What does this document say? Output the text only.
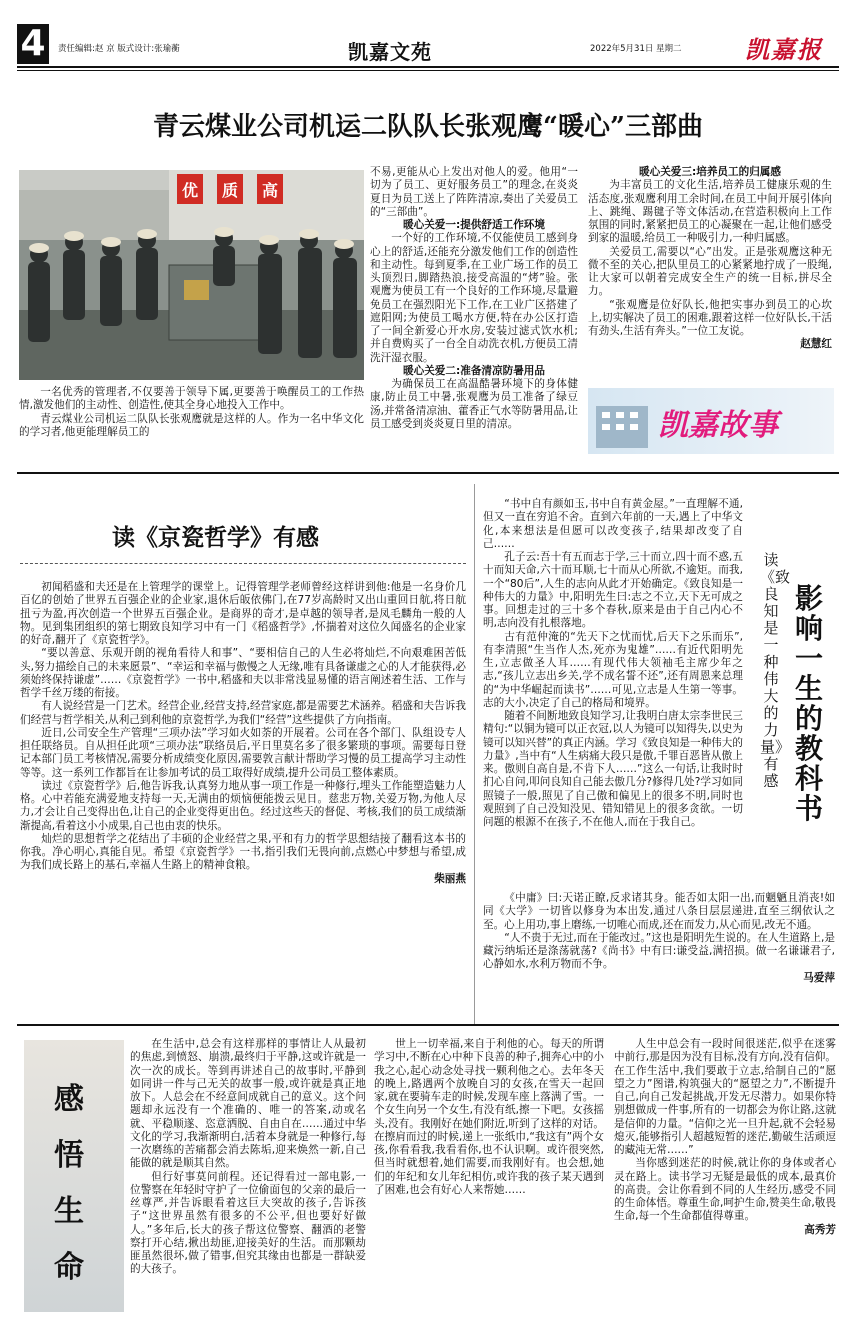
4	责任编辑:赵 京 版式设计:张瑜蘅	凯嘉文苑	2022年5月31日 星期二	凯嘉报
青云煤业公司机运二队队长张观鹰“暖心”三部曲
优 质 高

一名优秀的管理者,不仅要善于领导下属,更要善于唤醒员工的工作热情,激发他们的主动性、创造性,使其全身心地投入工作中。

青云煤业公司机运二队队长张观鹰就是这样的人。作为一名中华文化的学习者,他更能理解员工的

不易,更能从心上发出对他人的爱。他用“一切为了员工、更好服务员工”的理念,在炎炎夏日为员工送上了阵阵清凉,奏出了关爱员工的“三部曲”。

暖心关爱一:提供舒适工作环境

一个好的工作环境,不仅能使员工感到身心上的舒适,还能充分激发他们工作的创造性和主动性。每到夏季,在工业广场工作的员工头顶烈日,脚踏热浪,接受高温的“烤”验。张观鹰为使员工有一个良好的工作环境,尽量避免员工在强烈阳光下工作,在工业广区搭建了遮阳网;为使员工喝水方便,特在办公区打造了一间全新爱心开水房,安装过滤式饮水机;并自费购买了一台全自动洗衣机,方便员工清洗汗湿衣服。

暖心关爱二:准备清凉防暑用品

为确保员工在高温酷暑环境下的身体健康,防止员工中暑,张观鹰为员工准备了绿豆汤,并常备清凉油、藿香正气水等防暑用品,让员工感受到炎炎夏日里的清凉。

暖心关爱三:培养员工的归属感

为丰富员工的文化生活,培养员工健康乐观的生活态度,张观鹰利用工余时间,在员工中间开展引体向上、跳绳、踢毽子等文体活动,在营造积极向上工作氛围的同时,紧紧把员工的心凝聚在一起,让他们感受到家的温暖,给员工一种吸引力,一种归属感。

关爱员工,需要以“心”出发。正是张观鹰这种无微不至的关心,把队里员工的心紧紧地拧成了一股绳,让大家可以朝着完成安全生产的统一目标,拼尽全力。

“张观鹰是位好队长,他把实事办到员工的心坎上,切实解决了员工的困难,跟着这样一位好队长,干活有劲头,生活有奔头。”一位工友说。

赵慧红

凯嘉故事
读《京瓷哲学》有感

初闻稻盛和夫还是在上管理学的课堂上。记得管理学老师曾经这样讲到他:他是一名身价几百亿的创始了世界五百强企业的企业家,退休后皈依佛门,在77岁高龄时又出山重回日航,将日航扭亏为盈,再次创造一个世界五百强企业。是商界的奇才,是卓越的领导者,是凤毛麟角一般的人物。见到集团组织的第七期致良知学习中有一门《稻盛哲学》,怀揣着对这位久闻盛名的企业家的好奇,翻开了《京瓷哲学》。

“要以善意、乐观开朗的视角看待人和事”、“要相信自己的人生必将灿烂,不向艰难困苦低头,努力描绘自己的未来愿景”、“幸运和幸福与傲慢之人无缘,唯有具备谦虚之心的人才能获得,必须始终保持谦虚”……《京瓷哲学》一书中,稻盛和夫以非常浅显易懂的语言阐述着生活、工作与哲学千丝万缕的衔接。

有人说经营是一门艺术。经营企业,经营支持,经营家庭,都是需要艺术涵养。稻盛和夫告诉我们经营与哲学相关,从利己到利他的京瓷哲学,为我们“经营”这些提供了方向指南。

近日,公司安全生产管理“三项办法”学习如火如荼的开展着。公司在各个部门、队组设专人担任联络员。自从担任此项“三项办法”联络员后,平日里莫名多了很多繁琐的事项。需要每日登记本部门员工考核情况,需要分析成绩变化原因,需要敦言献计帮助学习慢的员工提高学习主动性等等。这一系列工作都旨在让参加考试的员工取得好成绩,提升公司员工整体素质。

读过《京瓷哲学》后,他告诉我,认真努力地从事一项工作是一种修行,埋头工作能塑造魅力人格。心中若能充满爱地支持每一天,无满由的烦恼便能拨云见日。慈悲万物,关爱万物,为他人尽力,才会让自己变得出色,让自己的企业变得更出色。经过这些天的督促、考核,我们的员工成绩渐渐提高,看着这小小成果,自己也由衷的快乐。

灿烂的思想哲学之花结出了丰硕的企业经营之果,平和有力的哲学思想结接了翻看这本书的你我。净心明心,真能自见。希望《京瓷哲学》一书,指引我们无畏向前,点燃心中梦想与希望,成为我们成长路上的基石,幸福人生路上的精神食粮。

柴丽燕

“书中自有颜如玉,书中自有黄金屋。”一直理解不通,但又一直在穷追不舍。直到六年前的一天,遇上了中华文化,本来想法是但愿可以改变孩子,结果却改变了自己……

孔子云:吾十有五而志于学,三十而立,四十而不惑,五十而知天命,六十而耳顺,七十而从心所欲,不逾矩。而我,一个“80后”,人生的志向从此才开始确定。《致良知是一种伟大的力量》中,阳明先生曰:志之不立,天下无可成之事。回想走过的三十多个春秋,原来是由于自己内心不明,志向没有扎根落地。

古有范仲淹的“先天下之忧而忧,后天下之乐而乐”,有李清照“生当作人杰,死亦为鬼雄”……有近代阳明先生,立志做圣人耳……有现代伟大领袖毛主席少年之志,“孩儿立志出乡关,学不成名誓不还”,还有周恩来总理的“为中华崛起而读书”……可见,立志是人生第一等事。志的大小,决定了自己的格局和境界。

随着不间断地致良知学习,让我明白唐太宗李世民三精句:“以铜为镜可以正衣冠,以人为镜可以知得失,以史为镜可以知兴替”的真正内涵。学习《致良知是一种伟大的力量》,当中有“人生病痛大段只是傲,千罪百恶皆从傲上来。傲则自高自是,不肯下人……”这么一句话,让我时时扪心自问,叩问良知自己能去傲几分?修得几处?学习如同照镜子一般,照见了自己傲和偏见上的很多不明,同时也观照到了自己没知没见、错知错见上的很多贪欲。一切问题的根源不在孩子,不在他人,而在于我自己。

《中庸》曰:天诺正瞭,反求诸其身。能否如太阳一出,而魍魉且消丧!如同《大学》一切皆以修身为本出发,通过八条目层层递进,直至三纲依认之至。心上用功,事上磨练,一切唯心而成,还在而发力,从心而见,改无不通。

“人不贵于无过,而在于能改过。”这也是阳明先生说的。在人生道路上,是藏污纳垢还是涤荡就荡?《尚书》中有曰:谦受益,满招损。做一名谦谦君子,心静如水,水利万物而不争。

马爱萍

影响一生的教科书
读《致良知是一种伟大的力量》有感
感
悟
生
命

在生活中,总会有这样那样的事情让人从最初的焦虑,到愤怒、崩溃,最终归于平静,这或许就是一次一次的成长。等到再讲述自己的故事时,平静到如同讲一件与己无关的故事一般,或许就是真正地放下。人总会在不经意间成就自己的意义。这个问题却永远没有一个准确的、唯一的答案,动或名就、平稳顺遂、恣意洒脱、自由自在……通过中华文化的学习,我渐渐明白,活着本身就是一种修行,每一次磨练的苦痛都会消去陈垢,迎来焕然一新,自己能做的就是顺其自然。

但行好事莫问前程。还记得看过一部电影,一位警察在年轻时守护了一位偷面包的父亲的最后一丝尊严,并告诉眼看着这巨大突故的孩子,告诉孩子“这世界虽然有很多的不公平,但也要好好做人。”多年后,长大的孩子帮这位警察、翻酒的老警察打开心结,揪出劫匪,迎接美好的生活。而那颗劫匪虽然很坏,做了错事,但究其缘由也都是一群缺爱的大孩子。

世上一切幸福,来自于利他的心。每天的所谓学习中,不断在心中种下良善的种子,拥奔心中的小我之心,起心动念处寻找一颗利他之心。去年冬天的晚上,路遇两个放晚自习的女孩,在雪天一起回家,就在要骑车走的时候,发现车座上落满了雪。一个女生向另一个女生,有没有纸,擦一下吧。女孩摇头,没有。我刚好在她们附近,听到了这样的对话。在擦肩而过的时候,递上一张纸巾,“我这有”两个女孩,你看看我,我看看你,也不认识啊。或许很突然,但当时就想着,她们需要,而我刚好有。也会想,她们的年纪和女儿年纪相仿,或许我的孩子某天遇到了困难,也会有好心人来帮她……

人生中总会有一段时间很迷茫,似乎在迷雾中前行,那是因为没有目标,没有方向,没有信仰。在工作生活中,我们要敢于立志,给制自己的“愿望之力”图谱,构筑强大的“愿望之力”,不断提升自己,向自己发起挑战,开发无尽潜力。如果你特别想做成一件事,所有的一切都会为你让路,这就是信仰的力量。“信仰之光一旦升起,就不会轻易熄灭,能够指引人超越短暂的迷茫,勤破生活顽逗的藏沌无常……”

当你感到迷茫的时候,就让你的身体或者心灵在路上。读书学习无疑是最低的成本,最真价的高贵。会让你看到不同的人生经历,感受不同的生命体悟。尊重生命,呵护生命,赞美生命,敬畏生命,每一个生命都值得尊重。

高秀芳
